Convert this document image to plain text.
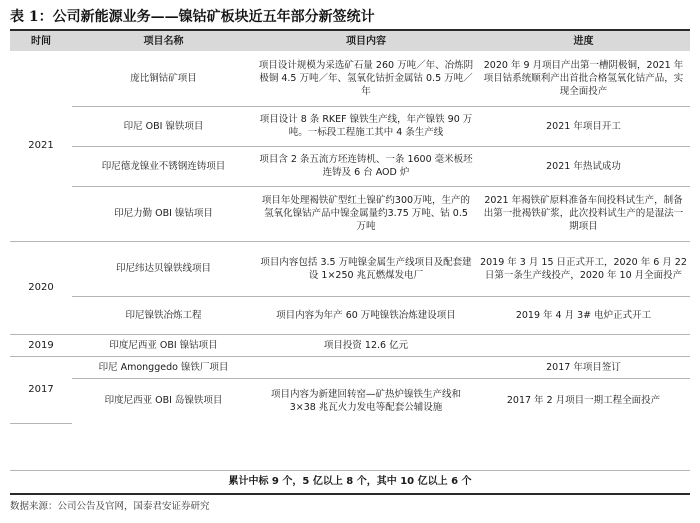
表 1：公司新能源业务——镍钴矿板块近五年部分新签统计
时间	项目名称	项目内容	进度
2021	庞比铜钴矿项目	项目设计规模为采选矿石量 260 万吨／年、冶炼阴极铜 4.5 万吨／年、氢氧化钴折金属钴 0.5 万吨／年	2020 年 9 月项目产出第一槽阴极铜，2021 年项目钴系统顺利产出首批合格氢氧化钴产品，实现全面投产
	印尼 OBI 镍铁项目	项目设计 8 条 RKEF 镍铁生产线，年产镍铁 90 万吨。一标段工程施工其中 4 条生产线	2021 年项目开工
	印尼德龙镍业不锈钢连铸项目	项目含 2 条五流方坯连铸机、一条 1600 毫米板坯连铸及 6 台 AOD 炉	2021 年热试成功
	印尼力勤 OBI 镍钴项目	项目年处理褐铁矿型红土镍矿约300万吨，生产的氢氧化镍钴产品中镍金属量约3.75 万吨、钴 0.5 万吨	2021 年褐铁矿原料准备车间投料试生产，制备出第一批褐铁矿浆，此次投料试生产的是湿法一期项目
2020	印尼纬达贝镍铁线项目	项目内容包括 3.5 万吨镍金属生产线项目及配套建设 1×250 兆瓦燃煤发电厂	2019 年 3 月 15 日正式开工，2020 年 6 月 22 日第一条生产线投产，2020 年 10 月全面投产
	印尼镍铁冶炼工程	项目内容为年产 60 万吨镍铁冶炼建设项目	2019 年 4 月 3# 电炉正式开工
2019	印度尼西亚 OBI 镍钴项目	项目投资 12.6 亿元	
2017	印尼 Amonggedo 镍铁厂项目		2017 年项目签订
	印度尼西亚 OBI 岛镍铁项目	项目内容为新建回转窑—矿热炉镍铁生产线和 3×38 兆瓦火力发电等配套公辅设施	2017 年 2 月项目一期工程全面投产
累计中标 9 个，5 亿以上 8 个，其中 10 亿以上 6 个
数据来源：公司公告及官网，国泰君安证券研究
